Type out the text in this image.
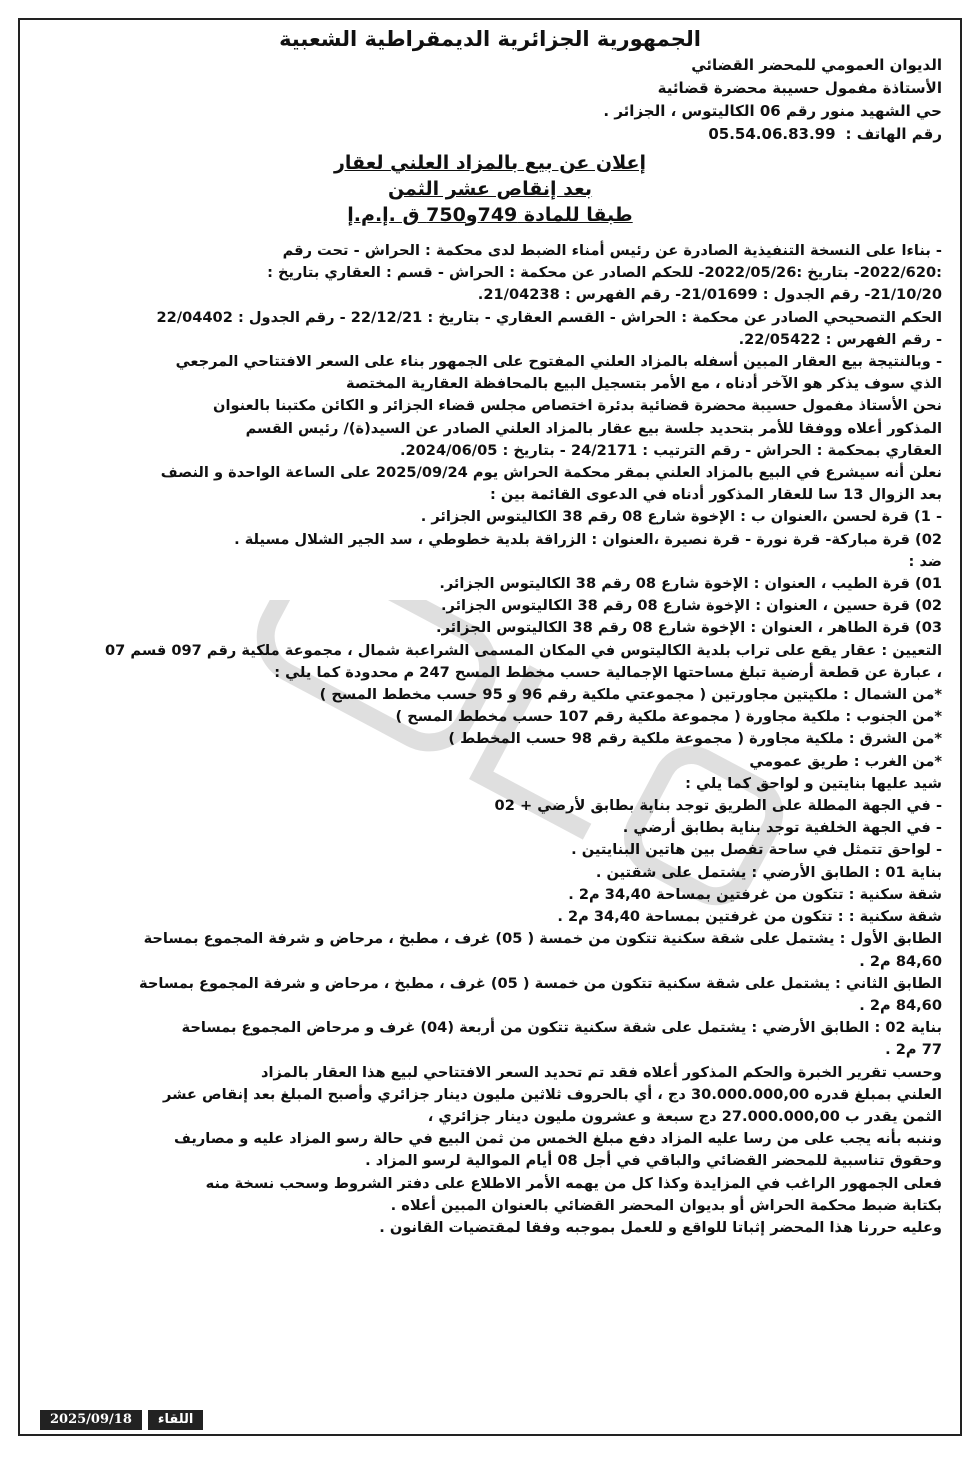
الجمهورية الجزائرية الديمقراطية الشعبية
الديوان العمومي للمحضر القضائي
الأستاذة مفمول حسيبة محضرة قضائية
حي الشهيد منور رقم 06 الكاليتوس ، الجزائر .
رقم الهاتف :
05.54.06.83.99
إعلان عن بيع بالمزاد العلني لعقار
بعد إنقاص عشر الثمن
طبقا للمادة 749و750 ق .إ.م.إ
- بناءا على النسخة التنفيذية الصادرة عن رئيس أمناء الضبط لدى محكمة : الحراش - تحت رقم
:2022/620- بتاريخ :2022/05/26- للحكم الصادر عن محكمة : الحراش - قسم : العقاري بتاريخ :
21/10/20- رقم الجدول : 21/01699- رقم الفهرس : 21/04238.
الحكم التصحيحي الصادر عن محكمة : الحراش - القسم العقاري - بتاريخ : 22/12/21 - رقم الجدول : 22/04402
- رقم الفهرس : 22/05422.
- وبالنتيجة بيع العقار المبين أسفله بالمزاد العلني المفتوح على الجمهور بناء على السعر الافتتاحي المرجعي
الذي سوف يذكر هو الآخر أدناه ، مع الأمر بتسجيل البيع بالمحافظة العقارية المختصة
نحن الأستاذ مفمول حسيبة محضرة قضائية بدئرة اختصاص مجلس قضاء الجزائر و الكائن مكتبنا بالعنوان
المذكور أعلاه ووفقا للأمر بتحديد جلسة بيع عقار بالمزاد العلني الصادر عن السيد(ة)/ رئيس القسم
العقاري بمحكمة : الحراش - رقم الترتيب : 24/2171 - بتاريخ : 2024/06/05.
نعلن أنه سيشرع في البيع بالمزاد العلني بمقر محكمة الحراش يوم 2025/09/24 على الساعة الواحدة و النصف
بعد الزوال 13 سا للعقار المذكور أدناه في الدعوى القائمة بين :
- 1) قرة لحسن ،العنوان ب : الإخوة شارع 08 رقم 38 الكاليتوس الجزائر .
02) قرة مباركة- قرة نورة - قرة نصيرة ،العنوان : الزراقة بلدية خطوطي ، سد الجير الشلال مسيلة .
ضد :
01) قرة الطيب ، العنوان : الإخوة شارع 08 رقم 38 الكاليتوس الجزائر.
02) قرة حسين ، العنوان : الإخوة شارع 08 رقم 38 الكاليتوس الجزائر.
03) قرة الطاهر ، العنوان : الإخوة شارع 08 رقم 38 الكاليتوس الجزائر.
التعيين : عقار يقع على تراب بلدية الكاليتوس في المكان المسمى الشراعبة شمال ، مجموعة ملكية رقم 097 قسم 07
، عبارة عن قطعة أرضية تبلغ مساحتها الإجمالية حسب مخطط المسح 247 م محدودة كما يلي :
*من الشمال : ملكيتين مجاورتين ( مجموعتي ملكية رقم 96 و 95 حسب مخطط المسح )
*من الجنوب : ملكية مجاورة ( مجموعة ملكية رقم 107 حسب مخطط المسح )
*من الشرق : ملكية مجاورة ( مجموعة ملكية رقم 98 حسب المخطط )
*من الغرب : طريق عمومي
شيد عليها بنايتين و لواحق كما يلي :
- في الجهة المطلة على الطريق توجد بناية بطابق لأرضي + 02
- في الجهة الخلفية توجد بناية بطابق أرضي .
- لواحق تتمثل في ساحة تفصل بين هاتين البنايتين .
بناية 01 : الطابق الأرضي : يشتمل على شقتين .
شقة سكنية : تتكون من غرفتين بمساحة 34,40 م2 .
شقة سكنية : : تتكون من غرفتين بمساحة 34,40 م2 .
الطابق الأول : يشتمل على شقة سكنية تتكون من خمسة ( 05) غرف ، مطبخ ، مرحاض و شرفة المجموع بمساحة
84,60 م2 .
الطابق الثاني : يشتمل على شقة سكنية تتكون من خمسة ( 05) غرف ، مطبخ ، مرحاض و شرفة المجموع بمساحة
84,60 م2 .
بناية 02 : الطابق الأرضي : يشتمل على شقة سكنية تتكون من أربعة (04) غرف و مرحاض المجموع بمساحة
77 م2 .
وحسب تقرير الخبرة والحكم المذكور أعلاه فقد تم تحديد السعر الافتتاحي لبيع هذا العقار بالمزاد
العلني بمبلغ قدره 30.000.000,00 دج ، أي بالحروف ثلاثين مليون دينار جزائري وأصبح المبلغ بعد إنقاص عشر
الثمن يقدر ب 27.000.000,00 دج سبعة و عشرون مليون دينار جزائري ،
وننبه بأنه يجب على من رسا عليه المزاد دفع مبلغ الخمس من ثمن البيع في حالة رسو المزاد عليه و مصاريف
وحقوق تناسبية للمحضر القضائي والباقي في أجل 08 أيام الموالية لرسو المزاد .
فعلى الجمهور الراغب في المزايدة وكذا كل من يهمه الأمر الاطلاع على دفتر الشروط وسحب نسخة منه
بكتابة ضبط محكمة الحراش أو بديوان المحضر القضائي بالعنوان المبين أعلاه .
وعليه حررنا هذا المحضر إثباتا للواقع و للعمل بموجبه وفقا لمقتضيات القانون .
2025/09/18	اللقاء
